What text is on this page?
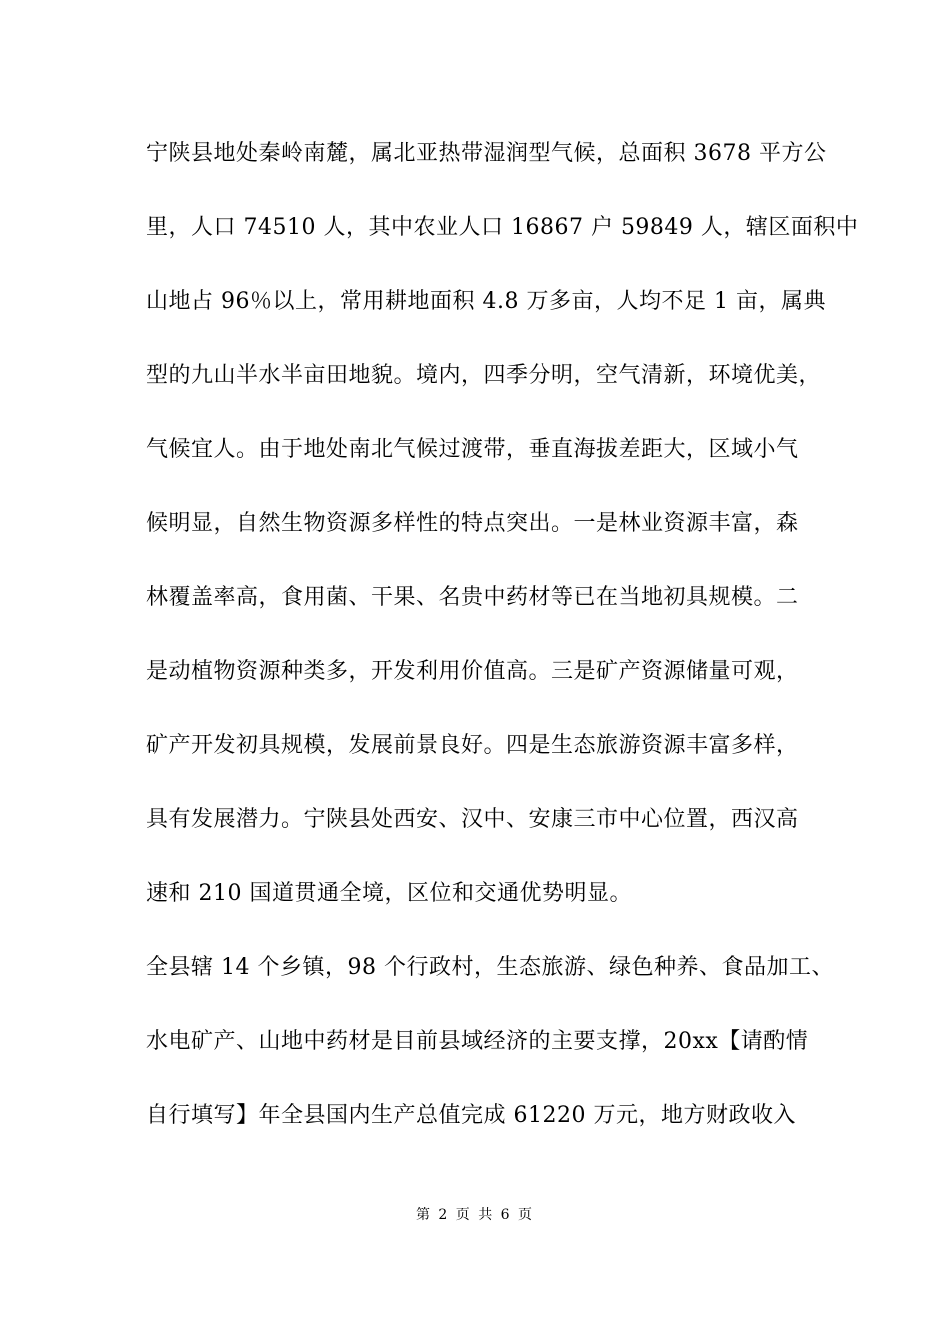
宁陕县地处秦岭南麓，属北亚热带湿润型气候，总面积 3678 平方公
里，人口 74510 人，其中农业人口 16867 户 59849 人，辖区面积中
山地占 96％以上，常用耕地面积 4.8 万多亩，人均不足 1 亩，属典
型的九山半水半亩田地貌。境内，四季分明，空气清新，环境优美，
气候宜人。由于地处南北气候过渡带，垂直海拔差距大，区域小气
候明显，自然生物资源多样性的特点突出。一是林业资源丰富，森
林覆盖率高，食用菌、干果、名贵中药材等已在当地初具规模。二
是动植物资源种类多，开发利用价值高。三是矿产资源储量可观，
矿产开发初具规模，发展前景良好。四是生态旅游资源丰富多样，
具有发展潜力。宁陕县处西安、汉中、安康三市中心位置，西汉高
速和 210 国道贯通全境，区位和交通优势明显。
全县辖 14 个乡镇，98 个行政村，生态旅游、绿色种养、食品加工、
水电矿产、山地中药材是目前县域经济的主要支撑，20xx【请酌情
自行填写】年全县国内生产总值完成 61220 万元，地方财政收入
第 2 页 共 6 页
